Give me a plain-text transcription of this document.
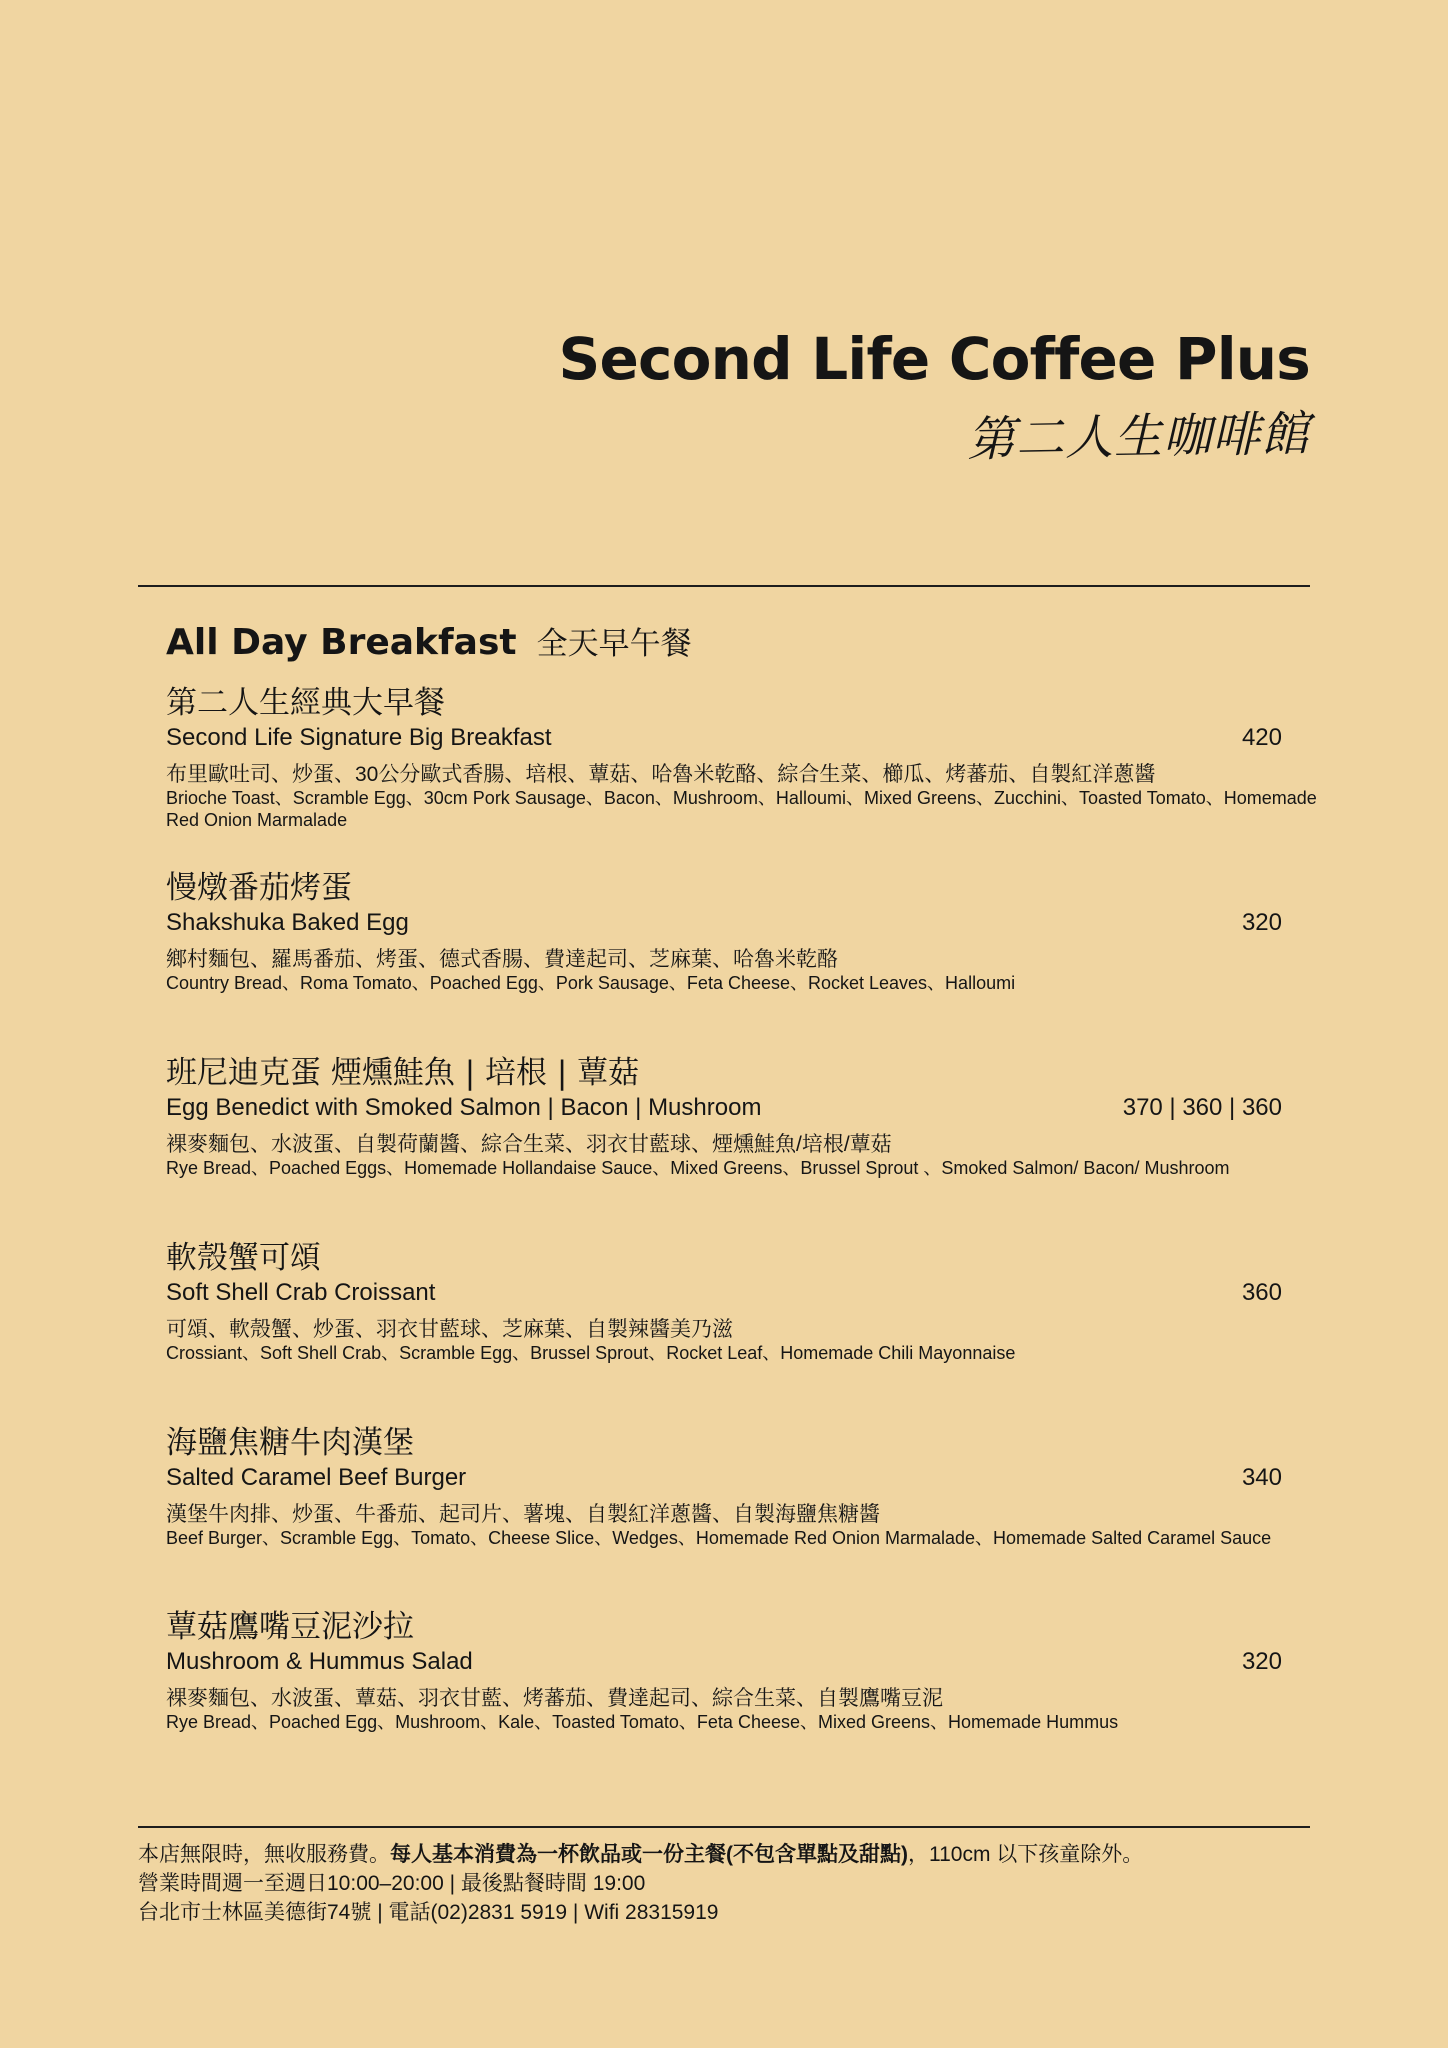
Second Life Coffee Plus
第二人生咖啡館
All Day Breakfast 全天早午餐
第二人生經典大早餐
Second Life Signature Big Breakfast	420
布里歐吐司、炒蛋、30公分歐式香腸、培根、蕈菇、哈魯米乾酪、綜合生菜、櫛瓜、烤蕃茄、自製紅洋蔥醬
Brioche Toast、Scramble Egg、30cm Pork Sausage、Bacon、Mushroom、Halloumi、Mixed Greens、Zucchini、Toasted Tomato、Homemade Red Onion Marmalade
慢燉番茄烤蛋
Shakshuka Baked Egg	320
鄉村麵包、羅馬番茄、烤蛋、德式香腸、費達起司、芝麻葉、哈魯米乾酪
Country Bread、Roma Tomato、Poached Egg、Pork Sausage、Feta Cheese、Rocket Leaves、Halloumi
班尼迪克蛋 煙燻鮭魚 | 培根 | 蕈菇
Egg Benedict with Smoked Salmon | Bacon | Mushroom	370 | 360 | 360
裸麥麵包、水波蛋、自製荷蘭醬、綜合生菜、羽衣甘藍球、煙燻鮭魚/培根/蕈菇
Rye Bread、Poached Eggs、Homemade Hollandaise Sauce、Mixed Greens、Brussel Sprout 、Smoked Salmon/ Bacon/ Mushroom
軟殼蟹可頌
Soft Shell Crab Croissant	360
可頌、軟殼蟹、炒蛋、羽衣甘藍球、芝麻葉、自製辣醬美乃滋
Crossiant、Soft Shell Crab、Scramble Egg、Brussel Sprout、Rocket Leaf、Homemade Chili Mayonnaise
海鹽焦糖牛肉漢堡
Salted Caramel Beef Burger	340
漢堡牛肉排、炒蛋、牛番茄、起司片、薯塊、自製紅洋蔥醬、自製海鹽焦糖醬
Beef Burger、Scramble Egg、Tomato、Cheese Slice、Wedges、Homemade Red Onion Marmalade、Homemade Salted Caramel Sauce
蕈菇鷹嘴豆泥沙拉
Mushroom & Hummus Salad	320
裸麥麵包、水波蛋、蕈菇、羽衣甘藍、烤蕃茄、費達起司、綜合生菜、自製鷹嘴豆泥
Rye Bread、Poached Egg、Mushroom、Kale、Toasted Tomato、Feta Cheese、Mixed Greens、Homemade Hummus
本店無限時，無收服務費。每人基本消費為一杯飲品或一份主餐(不包含單點及甜點)，110cm 以下孩童除外。
營業時間週一至週日10:00–20:00 | 最後點餐時間 19:00
台北市士林區美德街74號 | 電話(02)2831 5919 | Wifi 28315919
